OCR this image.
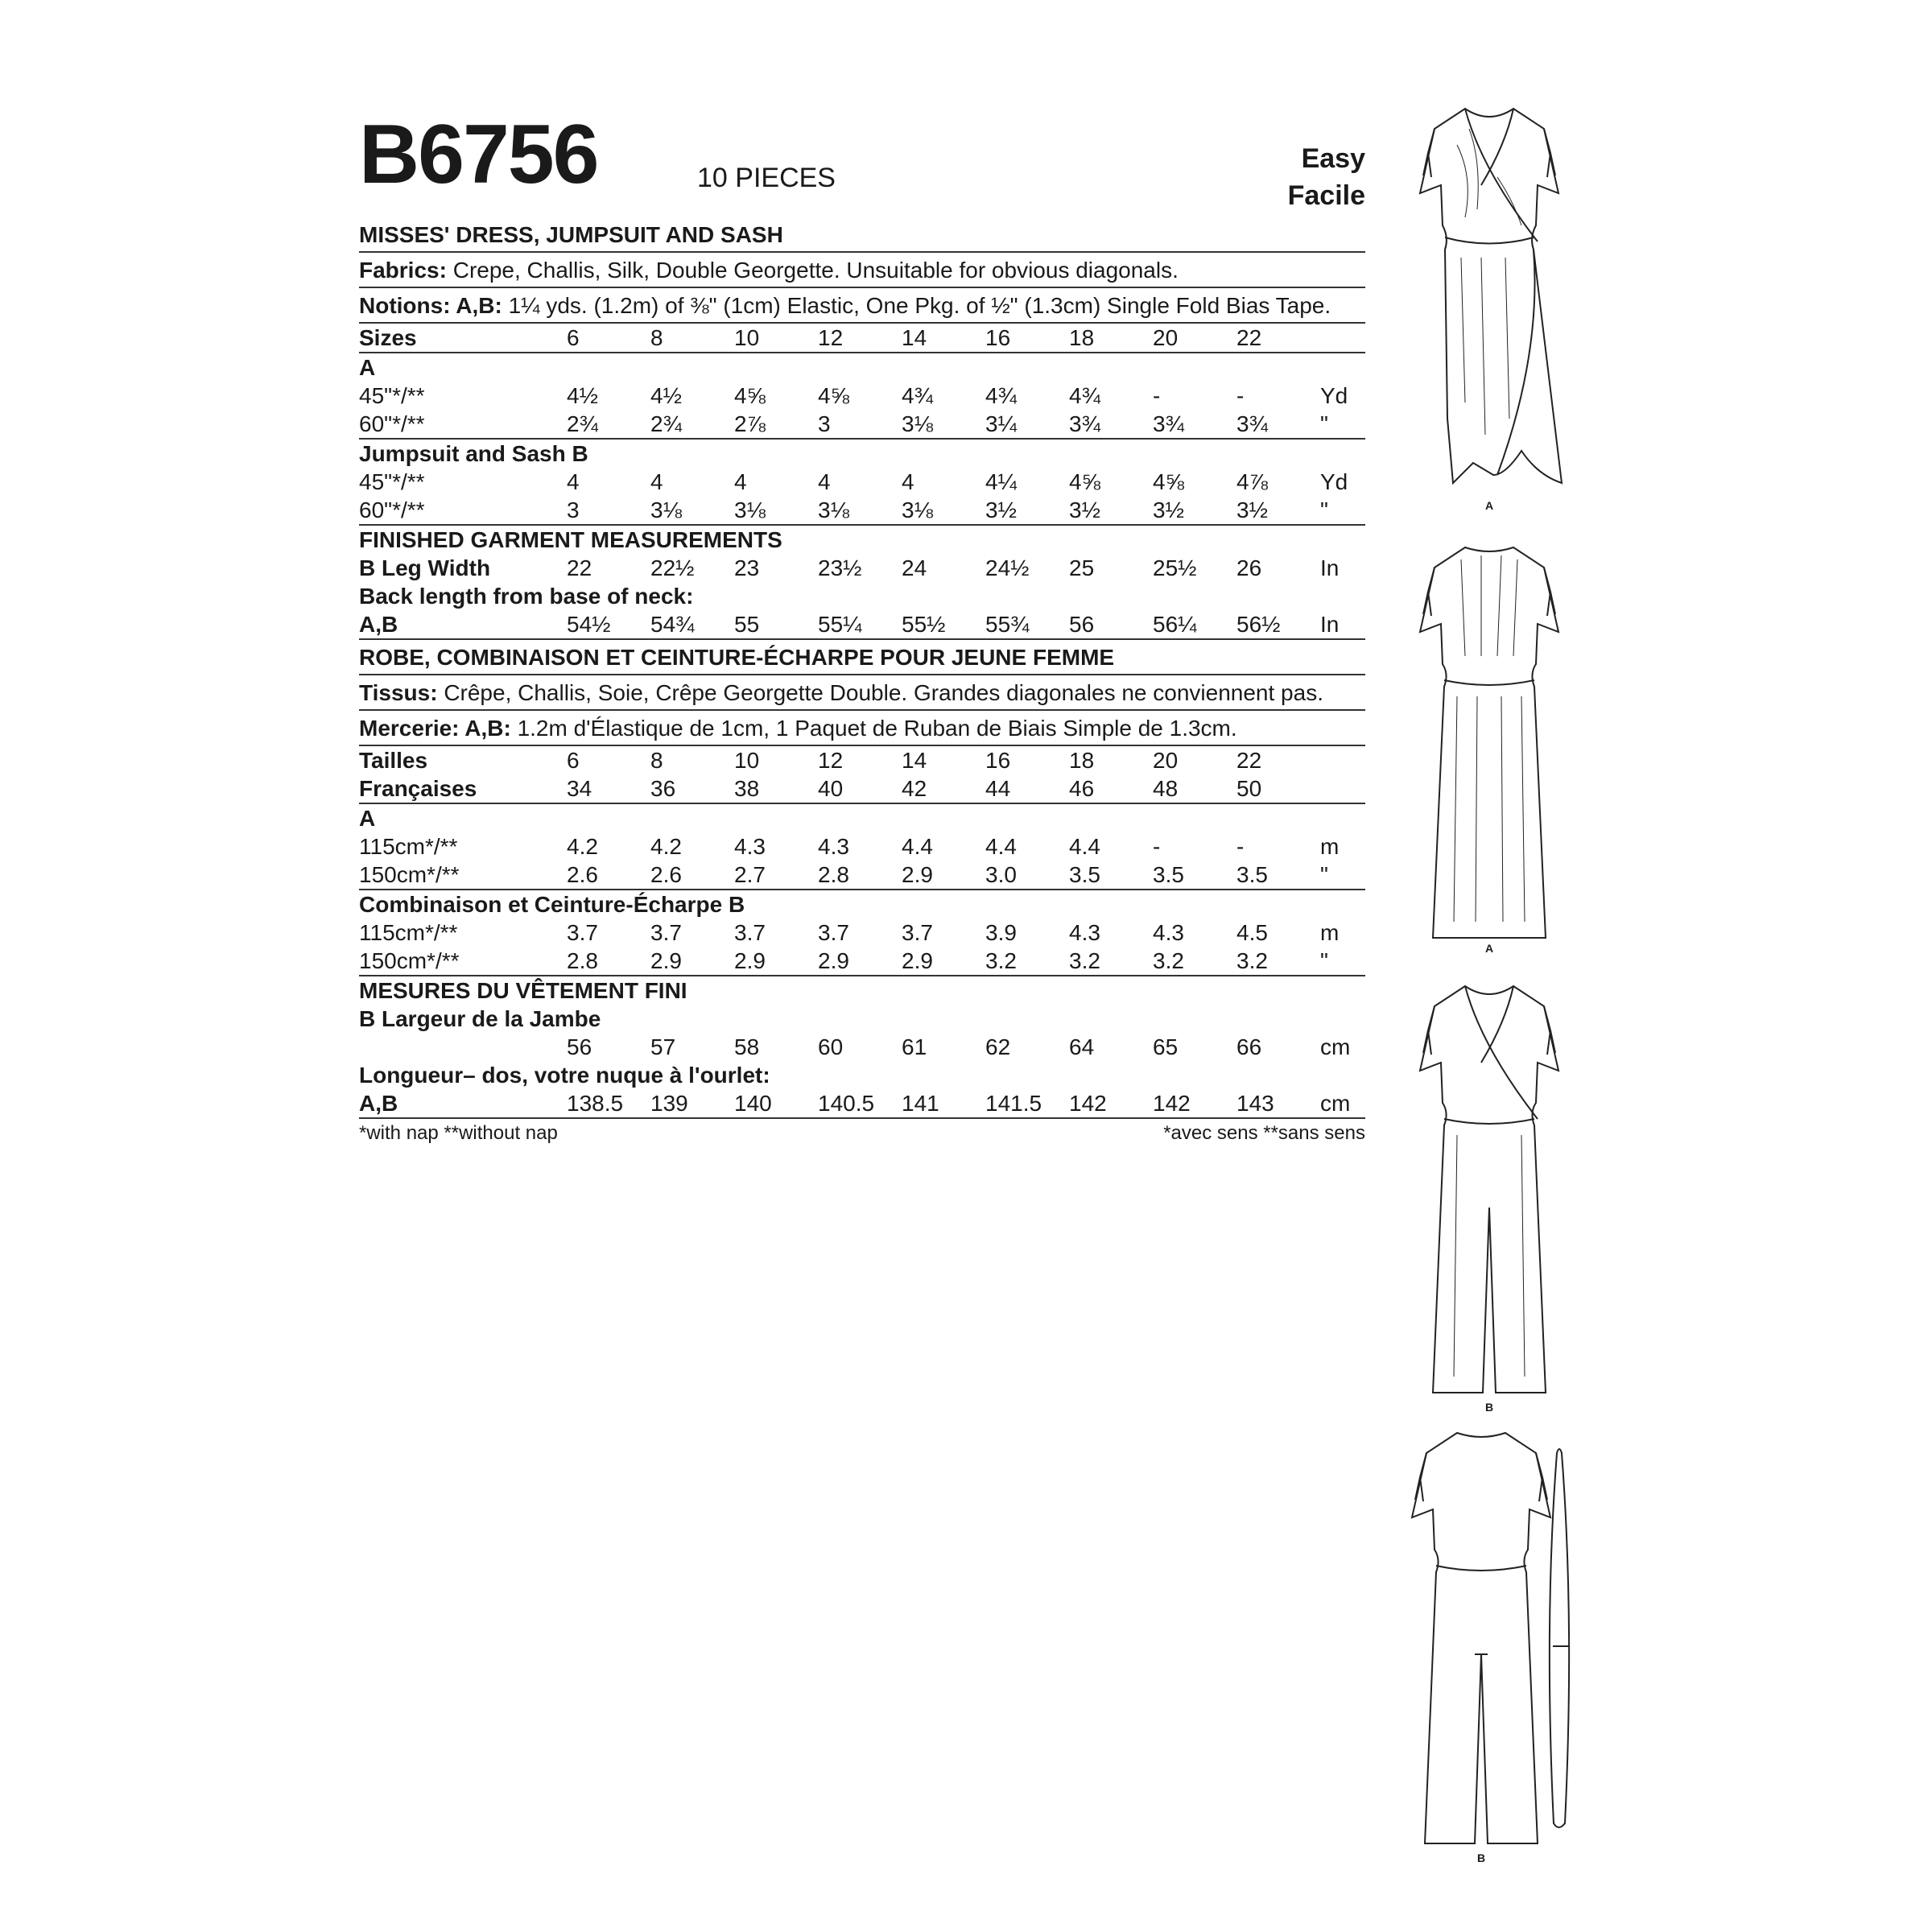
B6756	10 PIECES
Easy
Facile
MISSES' DRESS, JUMPSUIT AND SASH
Fabrics: Crepe, Challis, Silk, Double Georgette. Unsuitable for obvious diagonals.
Notions: A,B: 1¼ yds. (1.2m) of ⅜" (1cm) Elastic, One Pkg. of ½" (1.3cm) Single Fold Bias Tape.
Sizes	6	8	10	12	14	16	18	20	22	
A										
45"*/**	4½	4½	4⅝	4⅝	4¾	4¾	4¾	-	-	Yd
60"*/**	2¾	2¾	2⅞	3	3⅛	3¼	3¾	3¾	3¾	"
Jumpsuit and Sash B										
45"*/**	4	4	4	4	4	4¼	4⅝	4⅝	4⅞	Yd
60"*/**	3	3⅛	3⅛	3⅛	3⅛	3½	3½	3½	3½	"
FINISHED GARMENT MEASUREMENTS										
B Leg Width	22	22½	23	23½	24	24½	25	25½	26	In
Back length from base of neck:										
A,B	54½	54¾	55	55¼	55½	55¾	56	56¼	56½	In
ROBE, COMBINAISON ET CEINTURE-ÉCHARPE POUR JEUNE FEMME
Tissus: Crêpe, Challis, Soie, Crêpe Georgette Double. Grandes diagonales ne conviennent pas.
Mercerie: A,B: 1.2m d'Élastique de 1cm, 1 Paquet de Ruban de Biais Simple de 1.3cm.
Tailles	6	8	10	12	14	16	18	20	22	
Françaises	34	36	38	40	42	44	46	48	50	
A										
115cm*/**	4.2	4.2	4.3	4.3	4.4	4.4	4.4	-	-	m
150cm*/**	2.6	2.6	2.7	2.8	2.9	3.0	3.5	3.5	3.5	"
Combinaison et Ceinture-Écharpe B										
115cm*/**	3.7	3.7	3.7	3.7	3.7	3.9	4.3	4.3	4.5	m
150cm*/**	2.8	2.9	2.9	2.9	2.9	3.2	3.2	3.2	3.2	"
MESURES DU VÊTEMENT FINI										
B Largeur de la Jambe										
	56	57	58	60	61	62	64	65	66	cm
Longueur– dos, votre nuque à l'ourlet:										
A,B	138.5	139	140	140.5	141	141.5	142	142	143	cm
*with nap **without nap	*avec sens **sans sens
A
A
B
B
